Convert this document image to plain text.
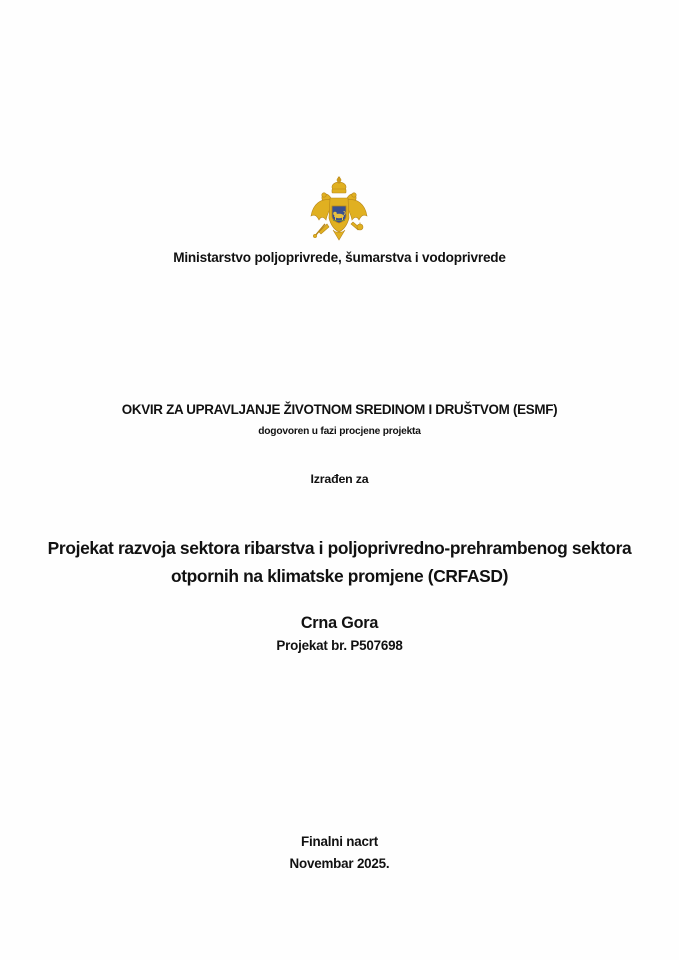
Ministarstvo poljoprivrede, šumarstva i vodoprivrede
OKVIR ZA UPRAVLJANJE ŽIVOTNOM SREDINOM I DRUŠTVOM (ESMF)
dogovoren u fazi procjene projekta
Izrađen za
Projekat razvoja sektora ribarstva i poljoprivredno-prehrambenog sektora
otpornih na klimatske promjene (CRFASD)
Crna Gora
Projekat br. P507698
Finalni nacrt
Novembar 2025.
